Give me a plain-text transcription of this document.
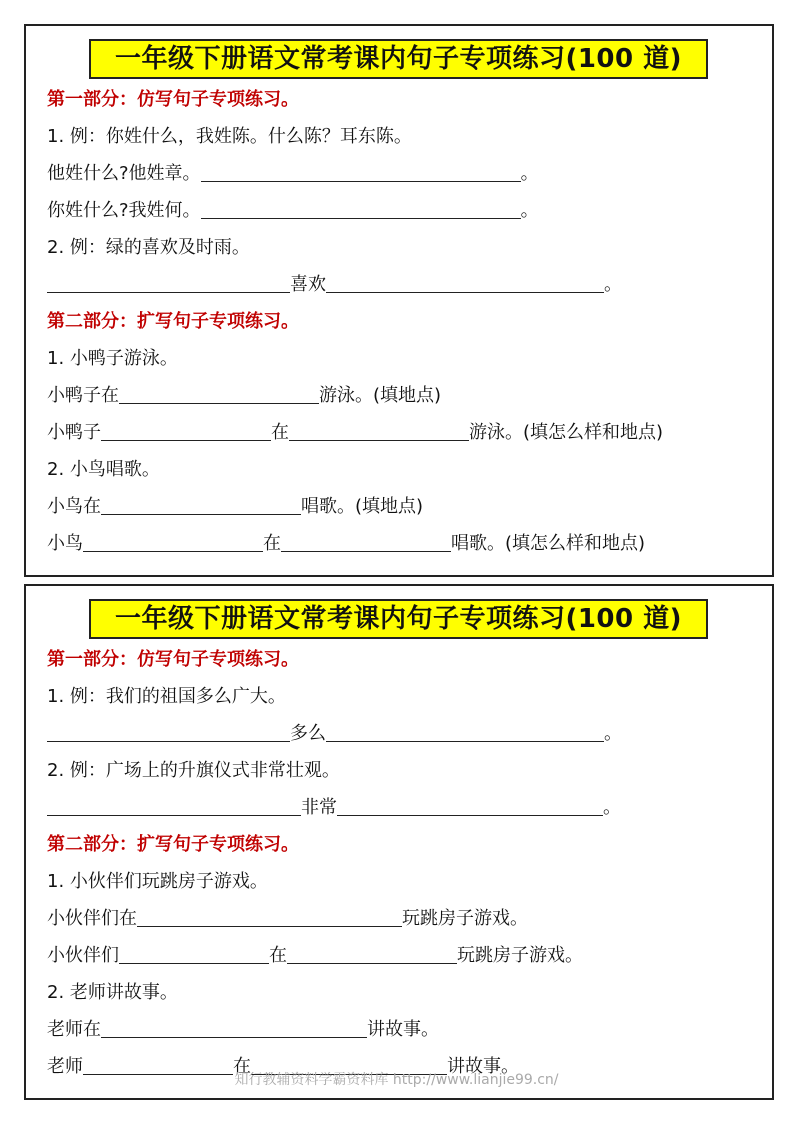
一年级下册语文常考课内句子专项练习(100 道)
第一部分：仿写句子专项练习。
1. 例：你姓什么，我姓陈。什么陈？耳东陈。
他姓什么?他姓章。	。
你姓什么?我姓何。	。
2. 例：绿的喜欢及时雨。
喜欢	。
第二部分：扩写句子专项练习。
1. 小鸭子游泳。
小鸭子在	游泳。(填地点)
小鸭子	在	游泳。(填怎么样和地点)
2. 小鸟唱歌。
小鸟在	唱歌。(填地点)
小鸟	在	唱歌。(填怎么样和地点)
一年级下册语文常考课内句子专项练习(100 道)
第一部分：仿写句子专项练习。
1. 例：我们的祖国多么广大。
多么	。
2. 例：广场上的升旗仪式非常壮观。
非常	。
第二部分：扩写句子专项练习。
1. 小伙伴们玩跳房子游戏。
小伙伴们在	玩跳房子游戏。
小伙伴们	在	玩跳房子游戏。
2. 老师讲故事。
老师在	讲故事。
老师	在	讲故事。
知行教辅资料学霸资料库 http://www.lianjie99.cn/
